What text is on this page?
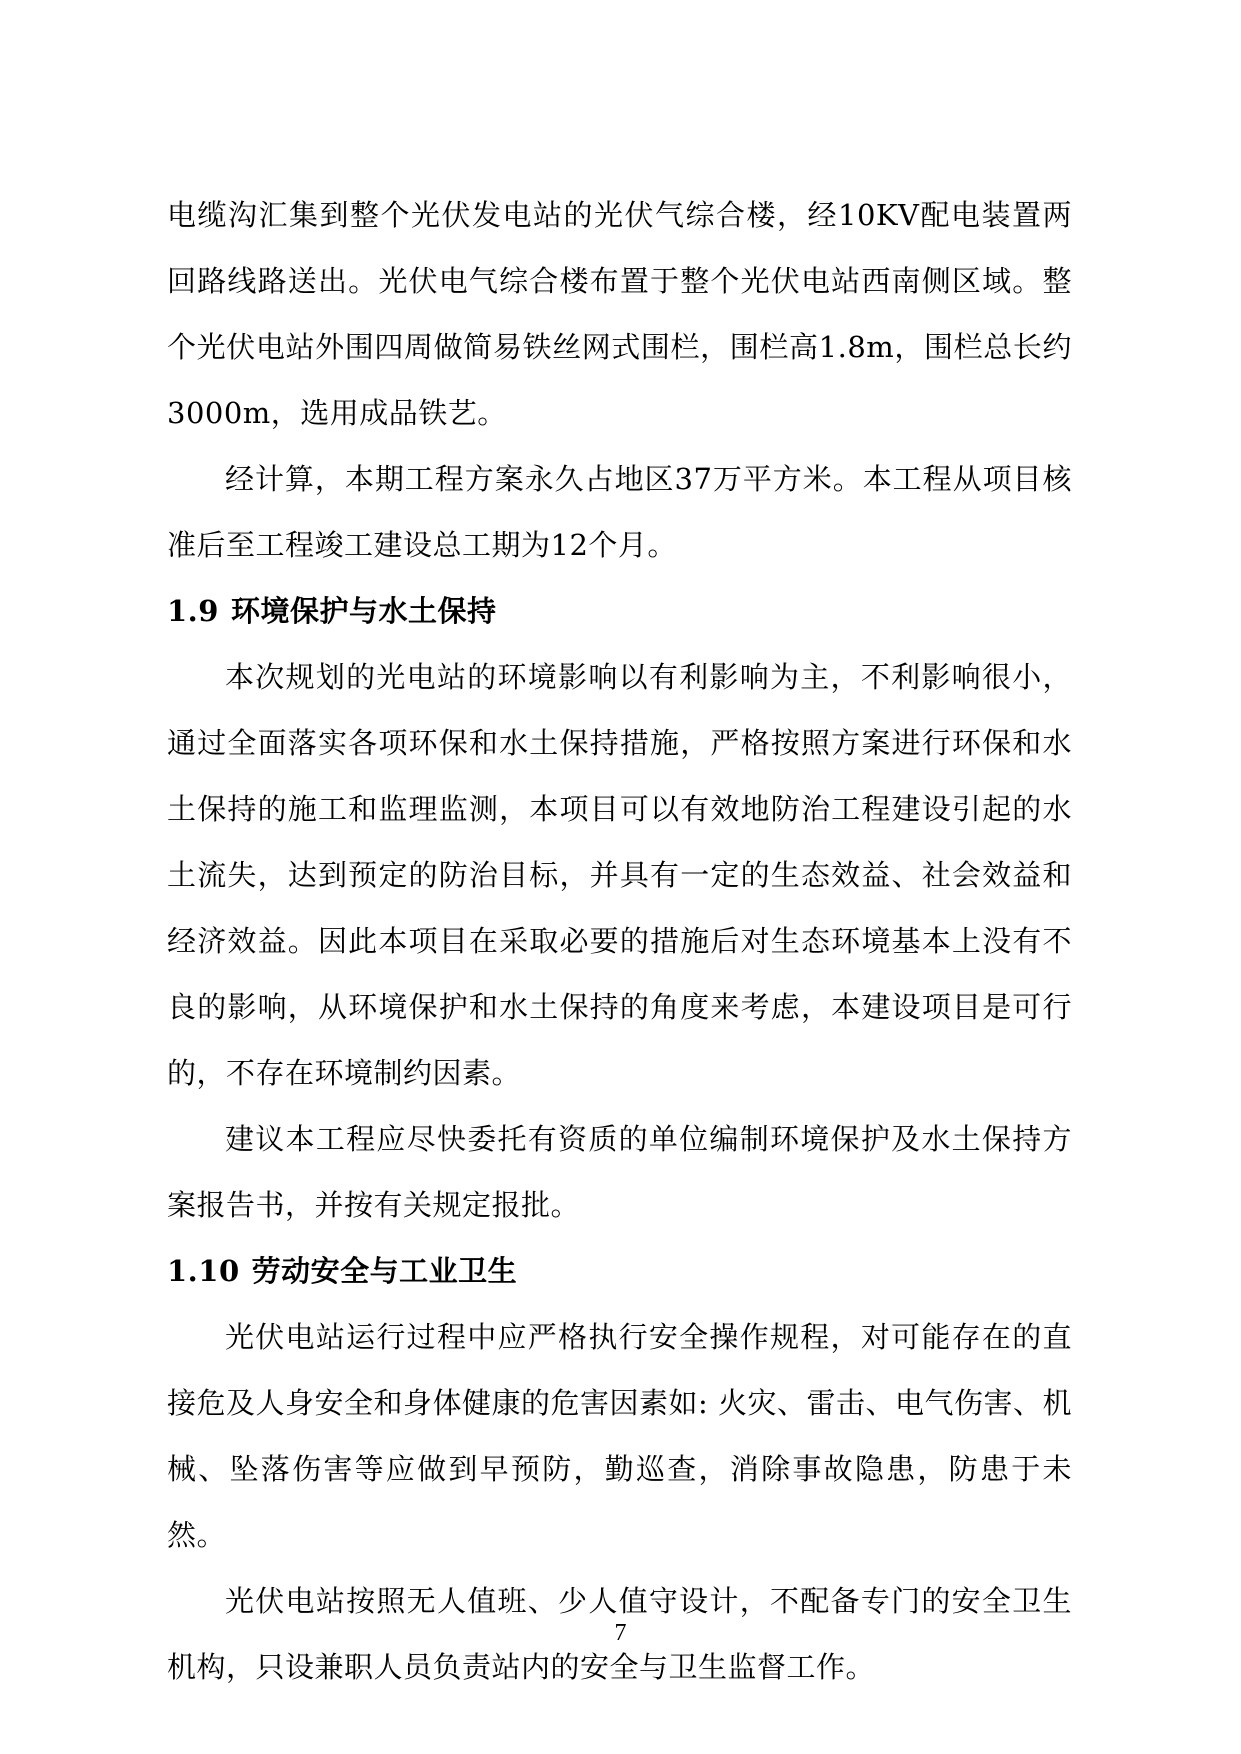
电缆沟汇集到整个光伏发电站的光伏气综合楼，经10KV配电装置两回路线路送出。光伏电气综合楼布置于整个光伏电站西南侧区域。整个光伏电站外围四周做简易铁丝网式围栏，围栏高1.8m，围栏总长约3000m，选用成品铁艺。

经计算，本期工程方案永久占地区37万平方米。本工程从项目核准后至工程竣工建设总工期为12个月。

1.9 环境保护与水土保持

本次规划的光电站的环境影响以有利影响为主，不利影响很小，通过全面落实各项环保和水土保持措施，严格按照方案进行环保和水土保持的施工和监理监测，本项目可以有效地防治工程建设引起的水土流失，达到预定的防治目标，并具有一定的生态效益、社会效益和经济效益。因此本项目在采取必要的措施后对生态环境基本上没有不良的影响，从环境保护和水土保持的角度来考虑，本建设项目是可行的，不存在环境制约因素。

建议本工程应尽快委托有资质的单位编制环境保护及水土保持方案报告书，并按有关规定报批。

1.10 劳动安全与工业卫生

光伏电站运行过程中应严格执行安全操作规程，对可能存在的直接危及人身安全和身体健康的危害因素如: 火灾、雷击、电气伤害、机械、坠落伤害等应做到早预防，勤巡查，消除事故隐患，防患于未然。

光伏电站按照无人值班、少人值守设计，不配备专门的安全卫生机构，只设兼职人员负责站内的安全与卫生监督工作。

7
